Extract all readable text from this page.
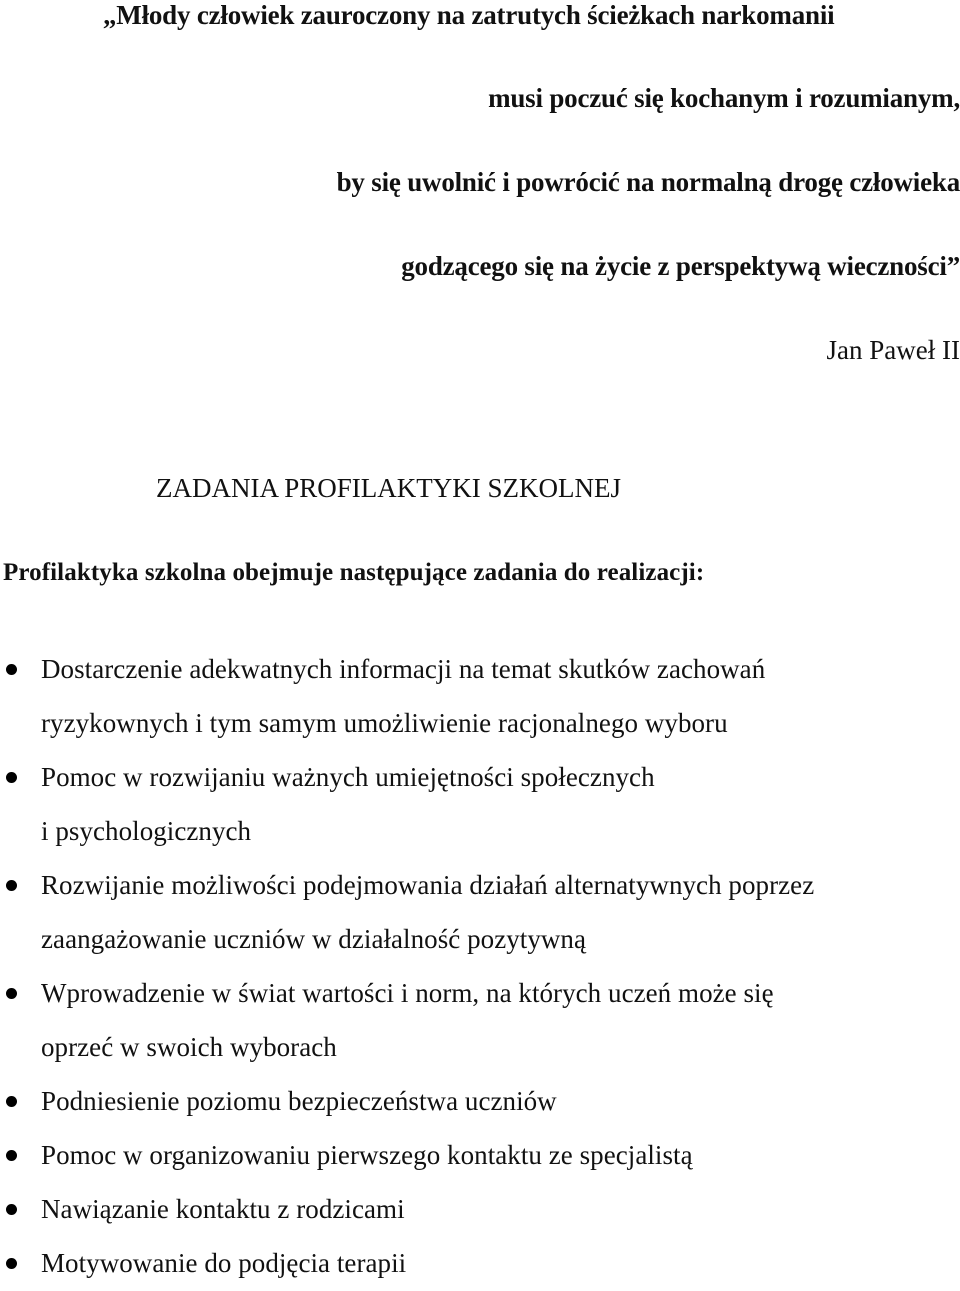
„Młody człowiek zauroczony na zatrutych ścieżkach narkomanii
musi poczuć się kochanym i rozumianym,
by się uwolnić i powrócić na normalną drogę człowieka
godzącego się na życie z perspektywą wieczności”
Jan Paweł II
ZADANIA PROFILAKTYKI SZKOLNEJ
Profilaktyka szkolna obejmuje następujące zadania do realizacji:
Dostarczenie adekwatnych informacji na temat skutków zachowań
ryzykownych i tym samym umożliwienie racjonalnego wyboru
Pomoc w rozwijaniu ważnych umiejętności społecznych
i psychologicznych
Rozwijanie możliwości podejmowania działań alternatywnych poprzez
zaangażowanie uczniów w działalność pozytywną
Wprowadzenie w świat wartości i norm, na których uczeń może się
oprzeć w swoich wyborach
Podniesienie poziomu bezpieczeństwa uczniów
Pomoc w organizowaniu pierwszego kontaktu ze specjalistą
Nawiązanie kontaktu z rodzicami
Motywowanie do podjęcia terapii
